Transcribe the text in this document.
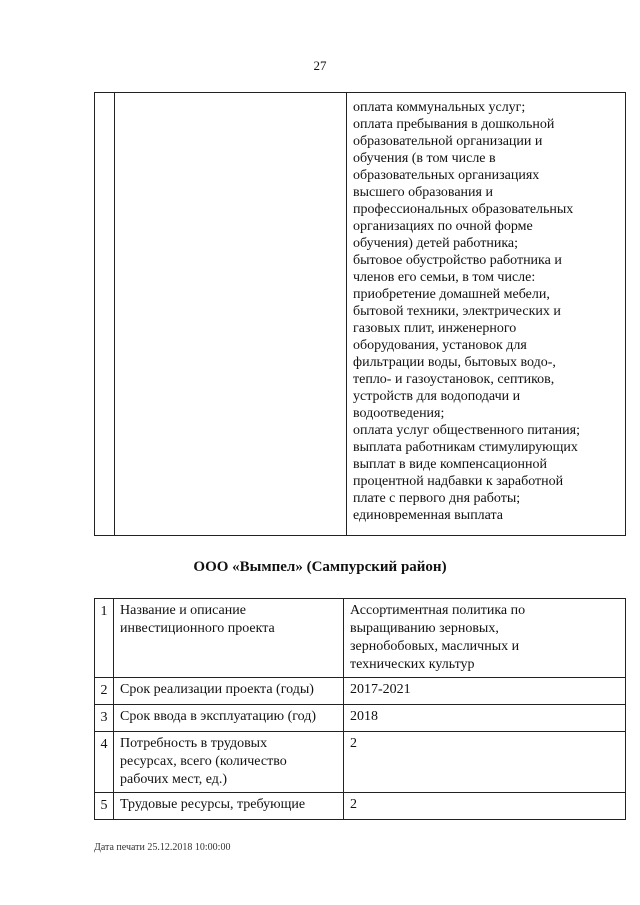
27
оплата коммунальных услуг;
оплата пребывания в дошкольной
образовательной организации и
обучения (в том числе в
образовательных организациях
высшего образования и
профессиональных образовательных
организациях по очной форме
обучения) детей работника;
бытовое обустройство работника и
членов его семьи, в том числе:
приобретение домашней мебели,
бытовой техники, электрических и
газовых плит, инженерного
оборудования, установок для
фильтрации воды, бытовых водо-,
тепло- и газоустановок, септиков,
устройств для водоподачи и
водоотведения;
оплата услуг общественного питания;
выплата работникам стимулирующих
выплат в виде компенсационной
процентной надбавки к заработной
плате с первого дня работы;
единовременная выплата
ООО «Вымпел» (Сампурский район)
1	Название и описание
инвестиционного проекта	Ассортиментная политика по
выращиванию зерновых,
зернобобовых, масличных и
технических культур

2	Срок реализации проекта (годы)	2017-2021

3	Срок ввода в эксплуатацию (год)	2018

4	Потребность в трудовых
ресурсах, всего (количество
рабочих мест, ед.)	2

5	Трудовые ресурсы, требующие	2
Дата печати 25.12.2018 10:00:00
